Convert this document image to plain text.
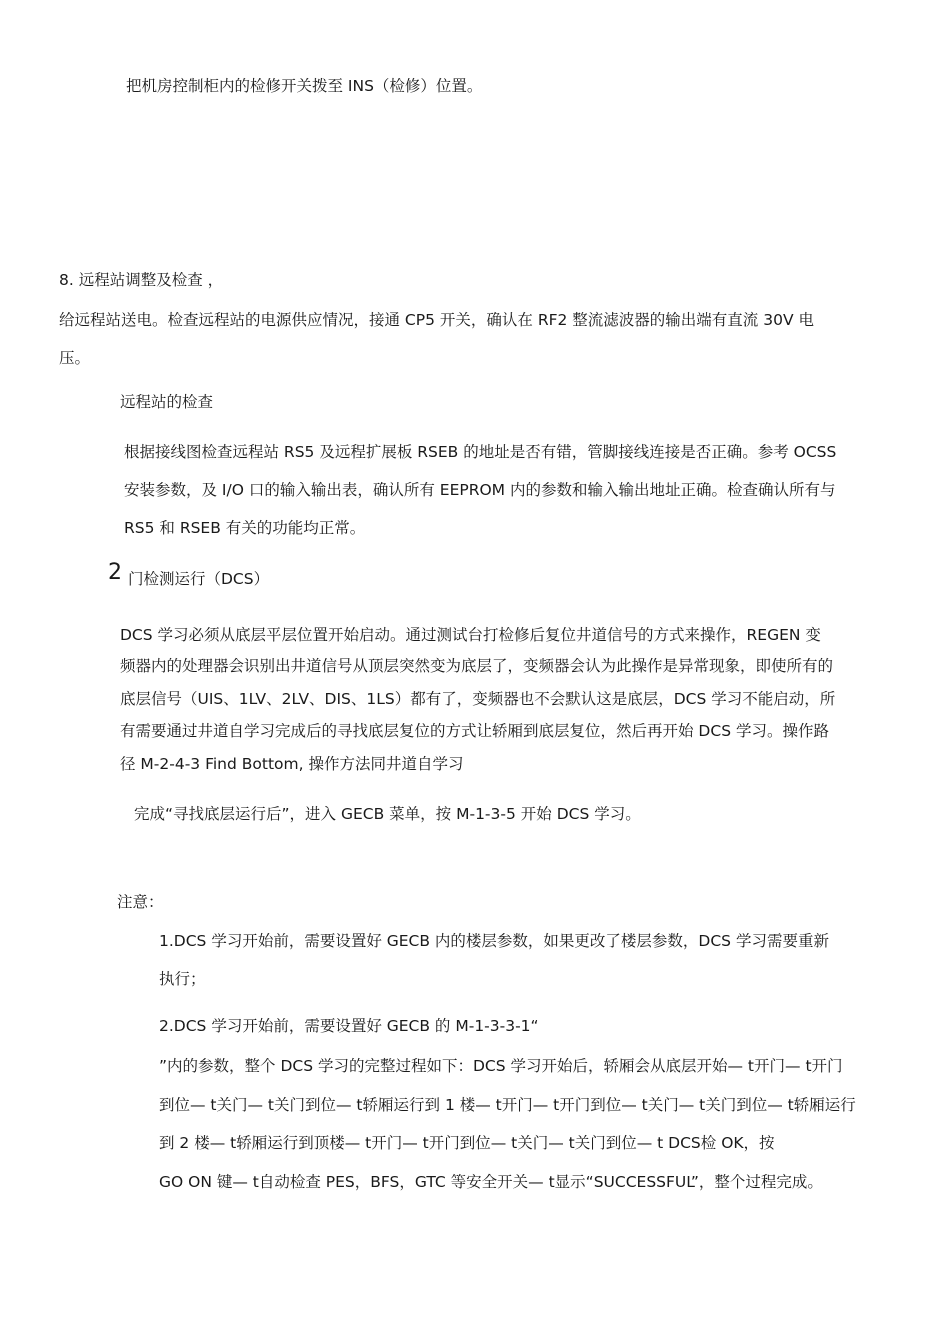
把机房控制柜内的检修开关拨至 INS（检修）位置。

8. 远程站调整及检查 ，

给远程站送电。检查远程站的电源供应情况，接通 CP5 开关，确认在 RF2 整流滤波器的输出端有直流 30V 电

压。

远程站的检查

根据接线图检查远程站 RS5 及远程扩展板 RSEB 的地址是否有错，管脚接线连接是否正确。参考 OCSS

安装参数，及 I/O 口的输入输出表，确认所有 EEPROM 内的参数和输入输出地址正确。检查确认所有与

RS5 和 RSEB 有关的功能均正常。

2 门检测运行（DCS）

DCS 学习必须从底层平层位置开始启动。通过测试台打检修后复位井道信号的方式来操作，REGEN 变

频器内的处理器会识别出井道信号从顶层突然变为底层了，变频器会认为此操作是异常现象，即使所有的

底层信号（UIS、1LV、2LV、DIS、1LS）都有了，变频器也不会默认这是底层，DCS 学习不能启动，所

有需要通过井道自学习完成后的寻找底层复位的方式让轿厢到底层复位，然后再开始 DCS 学习。操作路

径 M-2-4-3 Find Bottom, 操作方法同井道自学习

完成“寻找底层运行后”，进入 GECB 菜单，按 M-1-3-5 开始 DCS 学习。

注意：

1.DCS 学习开始前，需要设置好 GECB 内的楼层参数，如果更改了楼层参数，DCS 学习需要重新

执行；

2.DCS 学习开始前，需要设置好 GECB 的 M-1-3-3-1“

”内的参数，整个 DCS 学习的完整过程如下：DCS 学习开始后，轿厢会从底层开始— t开门— t开门

到位— t关门— t关门到位— t轿厢运行到 1 楼— t开门— t开门到位— t关门— t关门到位— t轿厢运行

到 2 楼— t轿厢运行到顶楼— t开门— t开门到位— t关门— t关门到位— t DCS检 OK，按

GO ON 键— t自动检查 PES，BFS，GTC 等安全开关— t显示“SUCCESSFUL”，整个过程完成。
